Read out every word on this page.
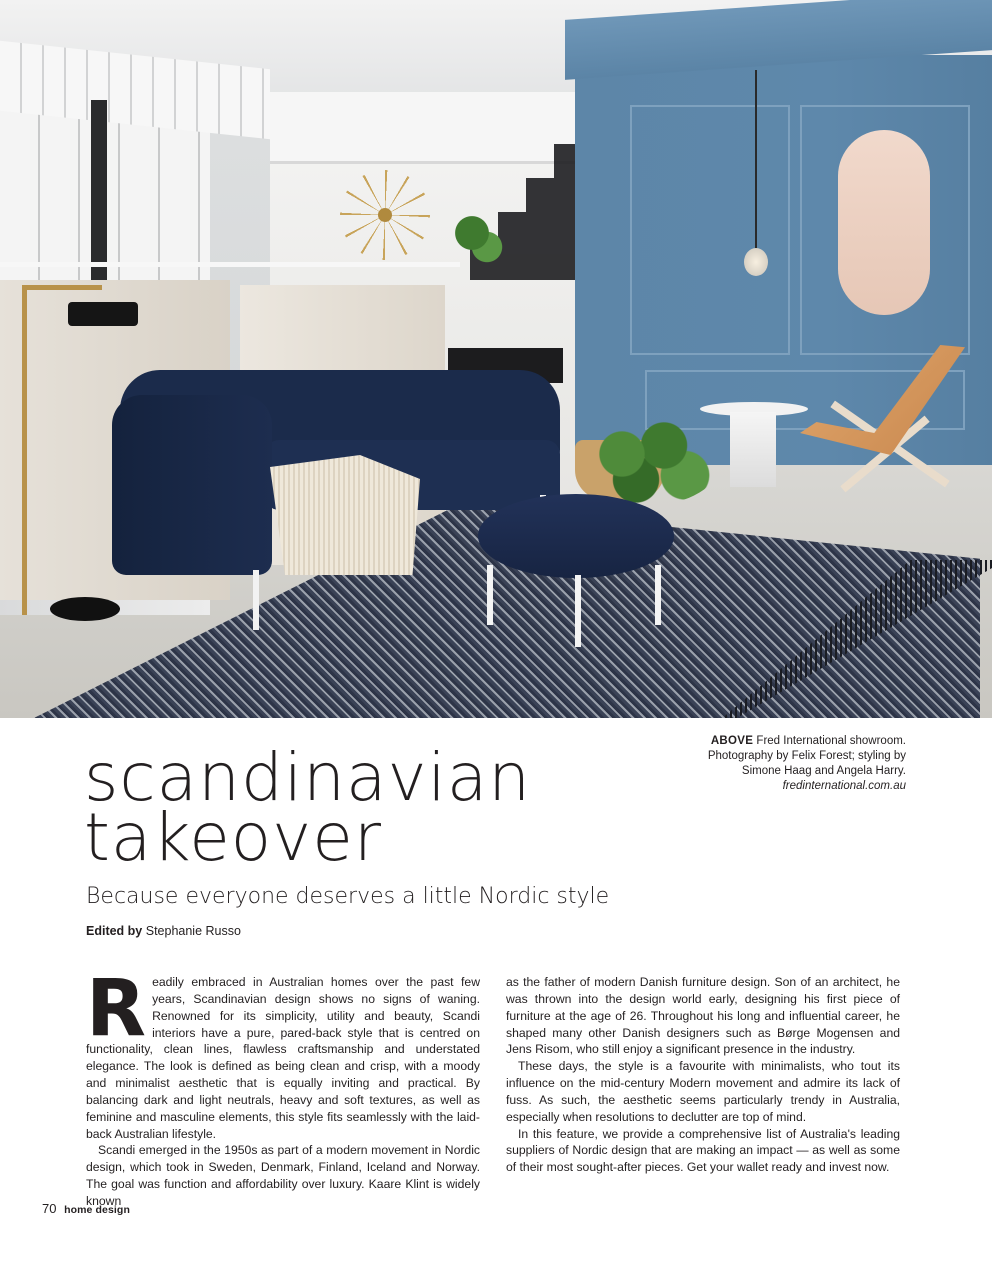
ABOVE Fred International showroom. Photography by Felix Forest; styling by Simone Haag and Angela Harry.
fredinternational.com.au
scandinavian
takeover
Because everyone deserves a little Nordic style
Edited by Stephanie Russo

Readily embraced in Australian homes over the past few years, Scandinavian design shows no signs of waning. Renowned for its simplicity, utility and beauty, Scandi interiors have a pure, pared-back style that is centred on functionality, clean lines, flawless craftsmanship and understated elegance. The look is defined as being clean and crisp, with a moody and minimalist aesthetic that is equally inviting and practical. By balancing dark and light neutrals, heavy and soft textures, as well as feminine and masculine elements, this style fits seamlessly with the laid-back Australian lifestyle.

Scandi emerged in the 1950s as part of a modern movement in Nordic design, which took in Sweden, Denmark, Finland, Iceland and Norway. The goal was function and affordability over luxury. Kaare Klint is widely known

as the father of modern Danish furniture design. Son of an architect, he was thrown into the design world early, designing his first piece of furniture at the age of 26. Throughout his long and influential career, he shaped many other Danish designers such as Børge Mogensen and Jens Risom, who still enjoy a significant presence in the industry.

These days, the style is a favourite with minimalists, who tout its influence on the mid-century Modern movement and admire its lack of fuss. As such, the aesthetic seems particularly trendy in Australia, especially when resolutions to declutter are top of mind.

In this feature, we provide a comprehensive list of Australia's leading suppliers of Nordic design that are making an impact — as well as some of their most sought-after pieces. Get your wallet ready and invest now.

70 home design
